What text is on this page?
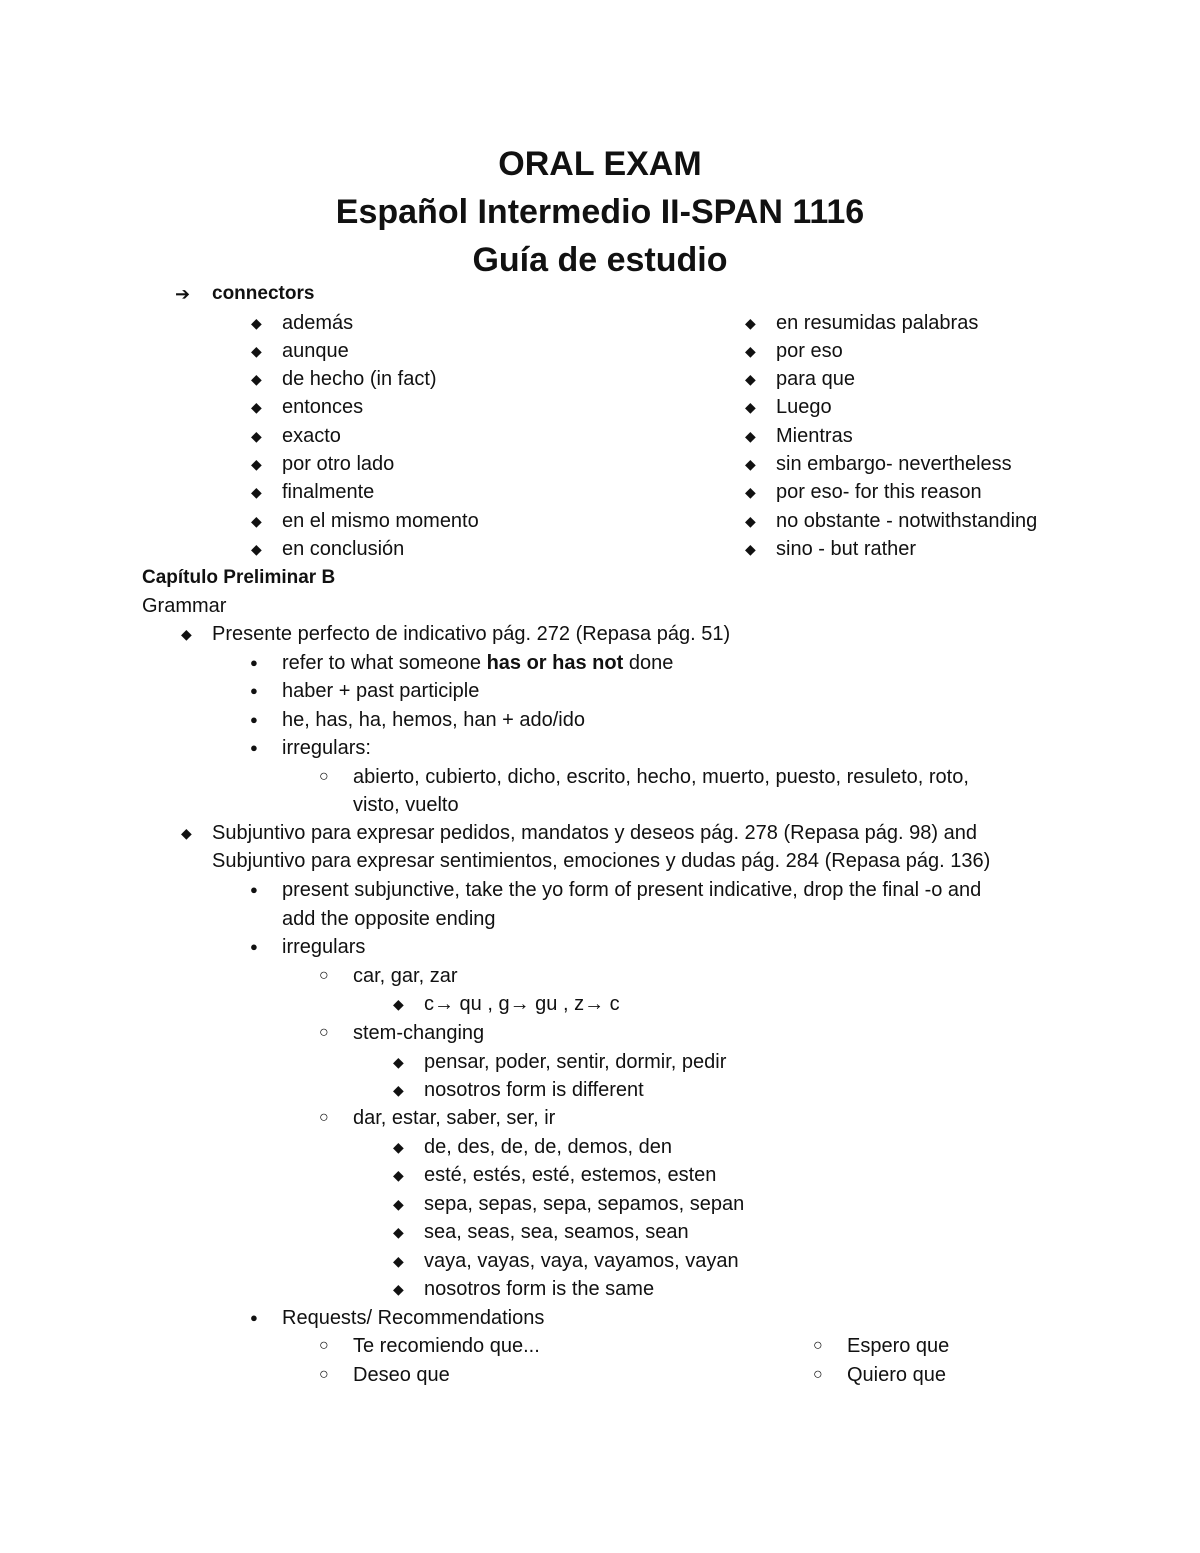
ORAL EXAM
Español Intermedio II-SPAN 1116
Guía de estudio
➔ connectors
◆ además
◆ aunque
◆ de hecho (in fact)
◆ entonces
◆ exacto
◆ por otro lado
◆ finalmente
◆ en el mismo momento
◆ en conclusión
◆ en resumidas palabras
◆ por eso
◆ para que
◆ Luego
◆ Mientras
◆ sin embargo- nevertheless
◆ por eso- for this reason
◆ no obstante - notwithstanding
◆ sino - but rather
Capítulo Preliminar B
Grammar
◆ Presente perfecto de indicativo pág. 272 (Repasa pág. 51)
● refer to what someone has or has not done
● haber + past participle
● he, has, ha, hemos, han + ado/ido
● irregulars:
○ abierto, cubierto, dicho, escrito, hecho, muerto, puesto, resuleto, roto,
visto, vuelto
◆ Subjuntivo para expresar pedidos, mandatos y deseos pág. 278 (Repasa pág. 98) and
Subjuntivo para expresar sentimientos, emociones y dudas pág. 284 (Repasa pág. 136)
● present subjunctive, take the yo form of present indicative, drop the final -o and
add the opposite ending
● irregulars
○ car, gar, zar
◆ c→ qu , g→ gu , z→ c
○ stem-changing
◆ pensar, poder, sentir, dormir, pedir
◆ nosotros form is different
○ dar, estar, saber, ser, ir
◆ de, des, de, de, demos, den
◆ esté, estés, esté, estemos, esten
◆ sepa, sepas, sepa, sepamos, sepan
◆ sea, seas, sea, seamos, sean
◆ vaya, vayas, vaya, vayamos, vayan
◆ nosotros form is the same
● Requests/ Recommendations
○ Te recomiendo que...
○ Deseo que
○ Espero que
○ Quiero que
